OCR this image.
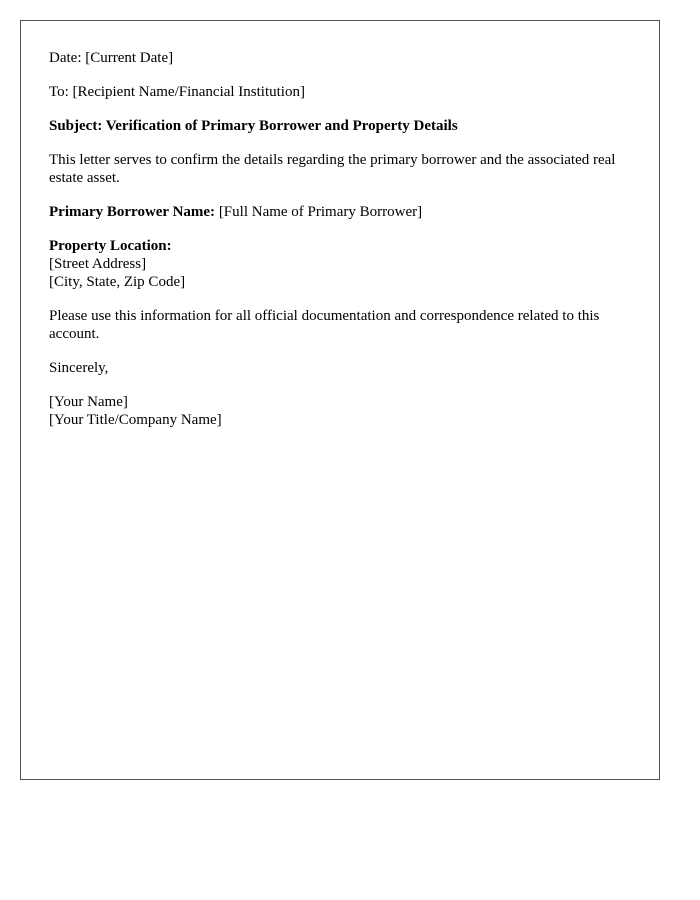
Date: [Current Date]

To: [Recipient Name/Financial Institution]

Subject: Verification of Primary Borrower and Property Details

This letter serves to confirm the details regarding the primary borrower and the associated real estate asset.

Primary Borrower Name: [Full Name of Primary Borrower]

Property Location:
[Street Address]
[City, State, Zip Code]

Please use this information for all official documentation and correspondence related to this account.

Sincerely,

[Your Name]
[Your Title/Company Name]
